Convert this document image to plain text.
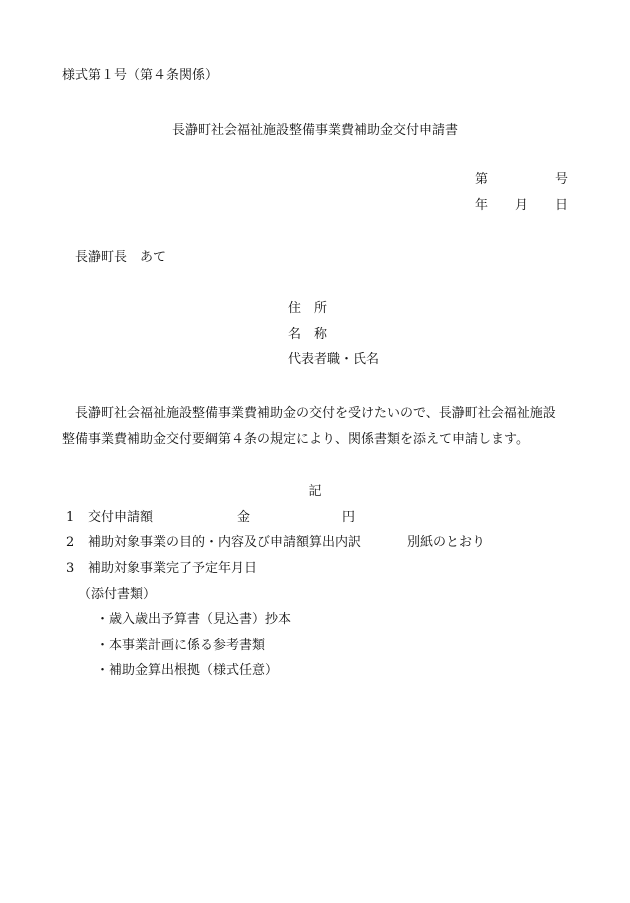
様式第１号（第４条関係）
長瀞町社会福祉施設整備事業費補助金交付申請書
第	号
年 月 日
長瀞町長　あて
住　所
名　称
代表者職・氏名
長瀞町社会福祉施設整備事業費補助金の交付を受けたいので、長瀞町社会福祉施設
整備事業費補助金交付要綱第４条の規定により、関係書類を添えて申請します。
記
1 交付申請額	金	円
2 補助対象事業の目的・内容及び申請額算出内訳	別紙のとおり
3 補助対象事業完了予定年月日
（添付書類）
・歳入歳出予算書（見込書）抄本
・本事業計画に係る参考書類
・補助金算出根拠（様式任意）
